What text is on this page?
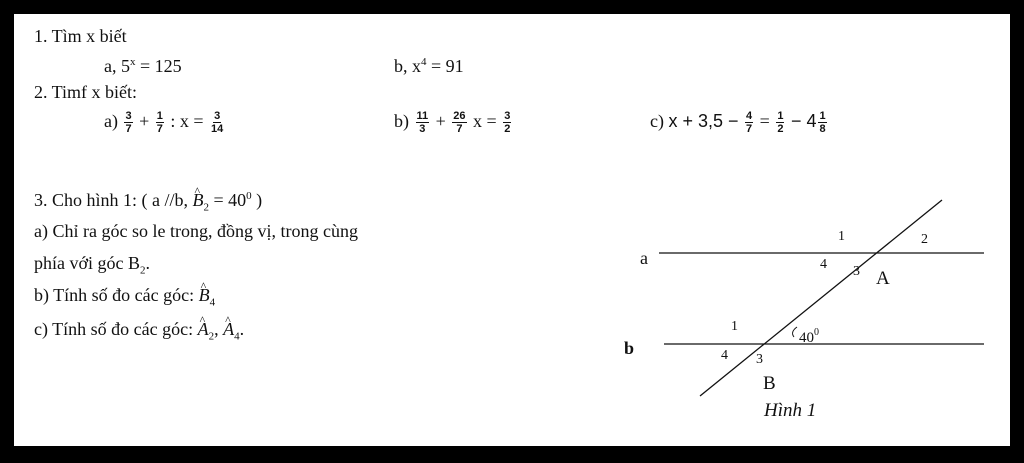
1. Tìm x biết
a, $5^x = 125$	b, $x^4 = 91$
2. Timf x biết:
$a) \frac{3}{7} + \frac{1}{7}$ : $x = \frac{3}{14}$	$b) \frac{11}{3} + \frac{26}{7}$ $x = \frac{3}{2}$	c) $x + 3,5 - \frac{4}{7} = \frac{1}{2} - 4 \frac{1}{8}$
3. Cho hình 1: ( a //b, ^ $B_2 = 40^0$ )
a) Chỉ ra góc so le trong, đồng vị, trong cùng
phía với góc $B_2$.
b) Tính số đo các góc: ^ $B_4$
c) Tính số đo các góc: ^ $A_2$, ^ $A_4$.
a
b
1	2
3
4
A
1
$40^0$
3
4
B
Hình 1
